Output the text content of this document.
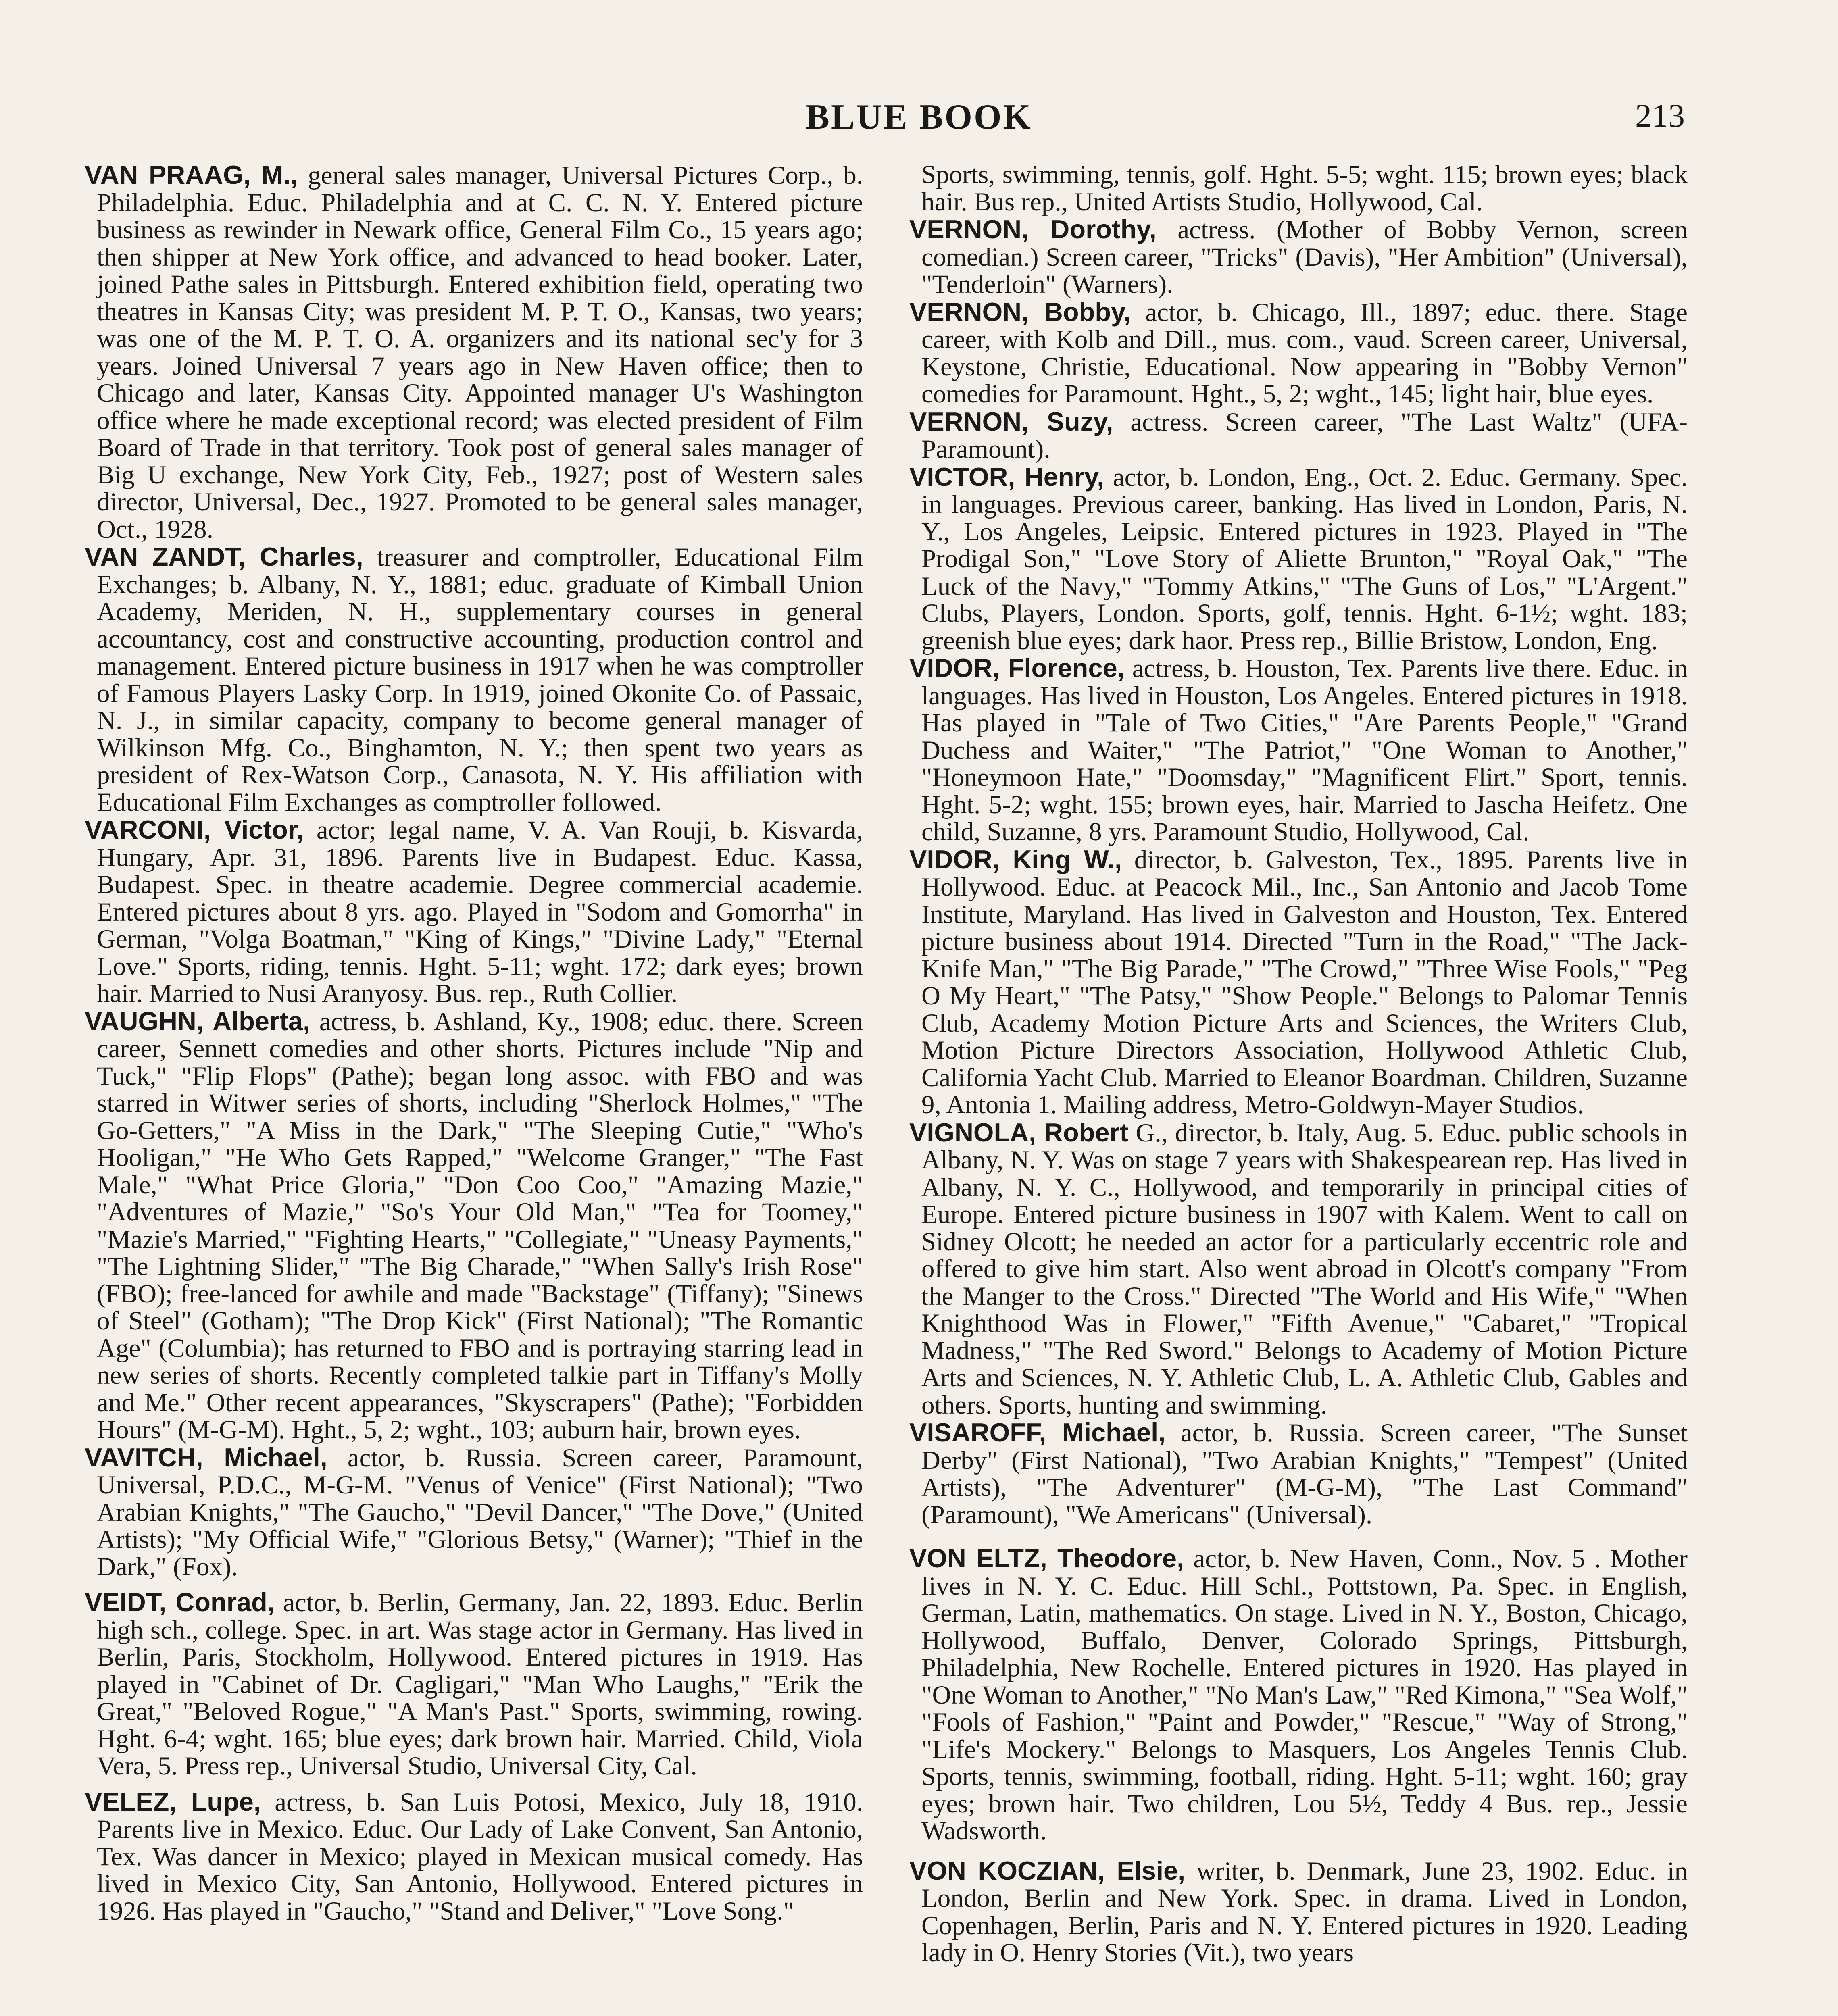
BLUE BOOK	213

VAN PRAAG, M., general sales manager, Universal Pictures Corp., b. Philadelphia. Educ. Philadelphia and at C. C. N. Y. Entered picture business as rewinder in Newark office, General Film Co., 15 years ago; then shipper at New York office, and advanced to head booker. Later, joined Pathe sales in Pittsburgh. Entered exhibition field, operating two theatres in Kansas City; was president M. P. T. O., Kansas, two years; was one of the M. P. T. O. A. organizers and its national sec'y for 3 years. Joined Universal 7 years ago in New Haven office; then to Chicago and later, Kansas City. Appointed manager U's Washington office where he made exceptional record; was elected president of Film Board of Trade in that territory. Took post of general sales manager of Big U exchange, New York City, Feb., 1927; post of Western sales director, Universal, Dec., 1927. Promoted to be general sales manager, Oct., 1928.

VAN ZANDT, Charles, treasurer and comptroller, Educational Film Exchanges; b. Albany, N. Y., 1881; educ. graduate of Kimball Union Academy, Meriden, N. H., supplementary courses in general accountancy, cost and constructive accounting, production control and management. Entered picture business in 1917 when he was comptroller of Famous Players Lasky Corp. In 1919, joined Okonite Co. of Passaic, N. J., in similar capacity, company to become general manager of Wilkinson Mfg. Co., Binghamton, N. Y.; then spent two years as president of Rex-Watson Corp., Canasota, N. Y. His affiliation with Educational Film Exchanges as comptroller followed.

VARCONI, Victor, actor; legal name, V. A. Van Rouji, b. Kisvarda, Hungary, Apr. 31, 1896. Parents live in Budapest. Educ. Kassa, Budapest. Spec. in theatre academie. Degree commercial academie. Entered pictures about 8 yrs. ago. Played in "Sodom and Gomorrha" in German, "Volga Boatman," "King of Kings," "Divine Lady," "Eternal Love." Sports, riding, tennis. Hght. 5-11; wght. 172; dark eyes; brown hair. Married to Nusi Aranyosy. Bus. rep., Ruth Collier.

VAUGHN, Alberta, actress, b. Ashland, Ky., 1908; educ. there. Screen career, Sennett comedies and other shorts. Pictures include "Nip and Tuck," "Flip Flops" (Pathe); began long assoc. with FBO and was starred in Witwer series of shorts, including "Sherlock Holmes," "The Go-Getters," "A Miss in the Dark," "The Sleeping Cutie," "Who's Hooligan," "He Who Gets Rapped," "Welcome Granger," "The Fast Male," "What Price Gloria," "Don Coo Coo," "Amazing Mazie," "Adventures of Mazie," "So's Your Old Man," "Tea for Toomey," "Mazie's Married," "Fighting Hearts," "Collegiate," "Uneasy Payments," "The Lightning Slider," "The Big Charade," "When Sally's Irish Rose" (FBO); free-lanced for awhile and made "Backstage" (Tiffany); "Sinews of Steel" (Gotham); "The Drop Kick" (First National); "The Romantic Age" (Columbia); has returned to FBO and is portraying starring lead in new series of shorts. Recently completed talkie part in Tiffany's Molly and Me." Other recent appearances, "Skyscrapers" (Pathe); "Forbidden Hours" (M-G-M). Hght., 5, 2; wght., 103; auburn hair, brown eyes.

VAVITCH, Michael, actor, b. Russia. Screen career, Paramount, Universal, P.D.C., M-G-M. "Venus of Venice" (First National); "Two Arabian Knights," "The Gaucho," "Devil Dancer," "The Dove," (United Artists); "My Official Wife," "Glorious Betsy," (Warner); "Thief in the Dark," (Fox).

VEIDT, Conrad, actor, b. Berlin, Germany, Jan. 22, 1893. Educ. Berlin high sch., college. Spec. in art. Was stage actor in Germany. Has lived in Berlin, Paris, Stockholm, Hollywood. Entered pictures in 1919. Has played in "Cabinet of Dr. Cagligari," "Man Who Laughs," "Erik the Great," "Beloved Rogue," "A Man's Past." Sports, swimming, rowing. Hght. 6-4; wght. 165; blue eyes; dark brown hair. Married. Child, Viola Vera, 5. Press rep., Universal Studio, Universal City, Cal.

VELEZ, Lupe, actress, b. San Luis Potosi, Mexico, July 18, 1910. Parents live in Mexico. Educ. Our Lady of Lake Convent, San Antonio, Tex. Was dancer in Mexico; played in Mexican musical comedy. Has lived in Mexico City, San Antonio, Hollywood. Entered pictures in 1926. Has played in "Gaucho," "Stand and Deliver," "Love Song."

Sports, swimming, tennis, golf. Hght. 5-5; wght. 115; brown eyes; black hair. Bus rep., United Artists Studio, Hollywood, Cal.

VERNON, Dorothy, actress. (Mother of Bobby Vernon, screen comedian.) Screen career, "Tricks" (Davis), "Her Ambition" (Universal), "Tenderloin" (Warners).

VERNON, Bobby, actor, b. Chicago, Ill., 1897; educ. there. Stage career, with Kolb and Dill., mus. com., vaud. Screen career, Universal, Keystone, Christie, Educational. Now appearing in "Bobby Vernon" comedies for Paramount. Hght., 5, 2; wght., 145; light hair, blue eyes.

VERNON, Suzy, actress. Screen career, "The Last Waltz" (UFA-Paramount).

VICTOR, Henry, actor, b. London, Eng., Oct. 2. Educ. Germany. Spec. in languages. Previous career, banking. Has lived in London, Paris, N. Y., Los Angeles, Leipsic. Entered pictures in 1923. Played in "The Prodigal Son," "Love Story of Aliette Brunton," "Royal Oak," "The Luck of the Navy," "Tommy Atkins," "The Guns of Los," "L'Argent." Clubs, Players, London. Sports, golf, tennis. Hght. 6-1½; wght. 183; greenish blue eyes; dark haor. Press rep., Billie Bristow, London, Eng.

VIDOR, Florence, actress, b. Houston, Tex. Parents live there. Educ. in languages. Has lived in Houston, Los Angeles. Entered pictures in 1918. Has played in "Tale of Two Cities," "Are Parents People," "Grand Duchess and Waiter," "The Patriot," "One Woman to Another," "Honeymoon Hate," "Doomsday," "Magnificent Flirt." Sport, tennis. Hght. 5-2; wght. 155; brown eyes, hair. Married to Jascha Heifetz. One child, Suzanne, 8 yrs. Paramount Studio, Hollywood, Cal.

VIDOR, King W., director, b. Galveston, Tex., 1895. Parents live in Hollywood. Educ. at Peacock Mil., Inc., San Antonio and Jacob Tome Institute, Maryland. Has lived in Galveston and Houston, Tex. Entered picture business about 1914. Directed "Turn in the Road," "The Jack-Knife Man," "The Big Parade," "The Crowd," "Three Wise Fools," "Peg O My Heart," "The Patsy," "Show People." Belongs to Palomar Tennis Club, Academy Motion Picture Arts and Sciences, the Writers Club, Motion Picture Directors Association, Hollywood Athletic Club, California Yacht Club. Married to Eleanor Boardman. Children, Suzanne 9, Antonia 1. Mailing address, Metro-Goldwyn-Mayer Studios.

VIGNOLA, Robert G., director, b. Italy, Aug. 5. Educ. public schools in Albany, N. Y. Was on stage 7 years with Shakespearean rep. Has lived in Albany, N. Y. C., Hollywood, and temporarily in principal cities of Europe. Entered picture business in 1907 with Kalem. Went to call on Sidney Olcott; he needed an actor for a particularly eccentric role and offered to give him start. Also went abroad in Olcott's company "From the Manger to the Cross." Directed "The World and His Wife," "When Knighthood Was in Flower," "Fifth Avenue," "Cabaret," "Tropical Madness," "The Red Sword." Belongs to Academy of Motion Picture Arts and Sciences, N. Y. Athletic Club, L. A. Athletic Club, Gables and others. Sports, hunting and swimming.

VISAROFF, Michael, actor, b. Russia. Screen career, "The Sunset Derby" (First National), "Two Arabian Knights," "Tempest" (United Artists), "The Adventurer" (M-G-M), "The Last Command" (Paramount), "We Americans" (Universal).

VON ELTZ, Theodore, actor, b. New Haven, Conn., Nov. 5 . Mother lives in N. Y. C. Educ. Hill Schl., Pottstown, Pa. Spec. in English, German, Latin, mathematics. On stage. Lived in N. Y., Boston, Chicago, Hollywood, Buffalo, Denver, Colorado Springs, Pittsburgh, Philadelphia, New Rochelle. Entered pictures in 1920. Has played in "One Woman to Another," "No Man's Law," "Red Kimona," "Sea Wolf," "Fools of Fashion," "Paint and Powder," "Rescue," "Way of Strong," "Life's Mockery." Belongs to Masquers, Los Angeles Tennis Club. Sports, tennis, swimming, football, riding. Hght. 5-11; wght. 160; gray eyes; brown hair. Two children, Lou 5½, Teddy 4 Bus. rep., Jessie Wadsworth.

VON KOCZIAN, Elsie, writer, b. Denmark, June 23, 1902. Educ. in London, Berlin and New York. Spec. in drama. Lived in London, Copenhagen, Berlin, Paris and N. Y. Entered pictures in 1920. Leading lady in O. Henry Stories (Vit.), two years
